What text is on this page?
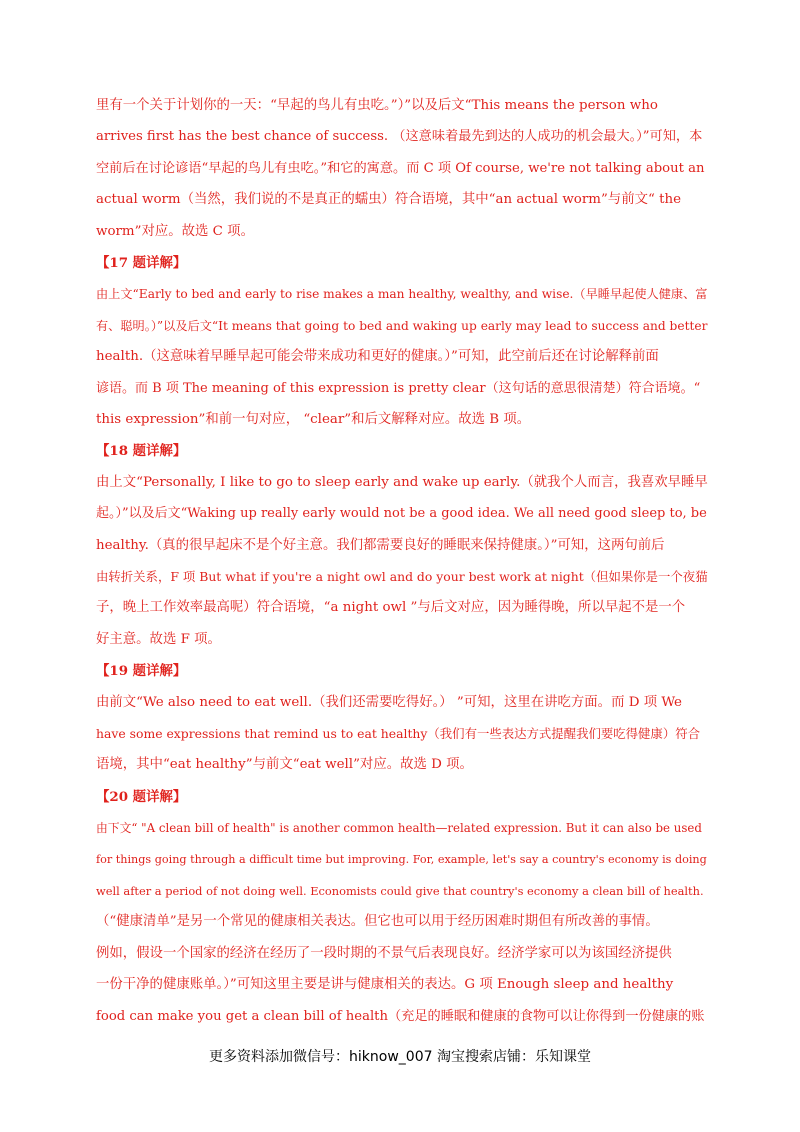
里有一个关于计划你的一天：“早起的鸟儿有虫吃。”）”以及后文“This means the person who
arrives first has the best chance of success. （这意味着最先到达的人成功的机会最大。）”可知，本
空前后在讨论谚语“早起的鸟儿有虫吃。”和它的寓意。而 C 项 Of course, we're not talking about an
actual worm（当然，我们说的不是真正的蠕虫）符合语境，其中“an actual worm”与前文“ the
worm”对应。故选 C 项。
【17 题详解】
由上文“Early to bed and early to rise makes a man healthy, wealthy, and wise.（早睡早起使人健康、富
有、聪明。）”以及后文“It means that going to bed and waking up early may lead to success and better
health.（这意味着早睡早起可能会带来成功和更好的健康。）”可知，此空前后还在讨论解释前面
谚语。而 B 项 The meaning of this expression is pretty clear（这句话的意思很清楚）符合语境。“
this expression”和前一句对应， “clear”和后文解释对应。故选 B 项。
【18 题详解】
由上文“Personally, I like to go to sleep early and wake up early.（就我个人而言，我喜欢早睡早
起。）”以及后文“Waking up really early would not be a good idea. We all need good sleep to, be
healthy.（真的很早起床不是个好主意。我们都需要良好的睡眠来保持健康。）”可知，这两句前后
由转折关系，F 项 But what if you're a night owl and do your best work at night（但如果你是一个夜猫
子，晚上工作效率最高呢）符合语境，“a night owl ”与后文对应，因为睡得晚，所以早起不是一个
好主意。故选 F 项。
【19 题详解】
由前文“We also need to eat well.（我们还需要吃得好。） ”可知，这里在讲吃方面。而 D 项 We
have some expressions that remind us to eat healthy（我们有一些表达方式提醒我们要吃得健康）符合
语境，其中“eat healthy”与前文“eat well”对应。故选 D 项。
【20 题详解】
由下文“ "A clean bill of health" is another common health—related expression. But it can also be used
for things going through a difficult time but improving. For, example, let's say a country's economy is doing
well after a period of not doing well. Economists could give that country's economy a clean bill of health.
（“健康清单”是另一个常见的健康相关表达。但它也可以用于经历困难时期但有所改善的事情。
例如，假设一个国家的经济在经历了一段时期的不景气后表现良好。经济学家可以为该国经济提供
一份干净的健康账单。）”可知这里主要是讲与健康相关的表达。G 项 Enough sleep and healthy
food can make you get a clean bill of health（充足的睡眠和健康的食物可以让你得到一份健康的账
更多资料添加微信号：hiknow_007 淘宝搜索店铺：乐知课堂
